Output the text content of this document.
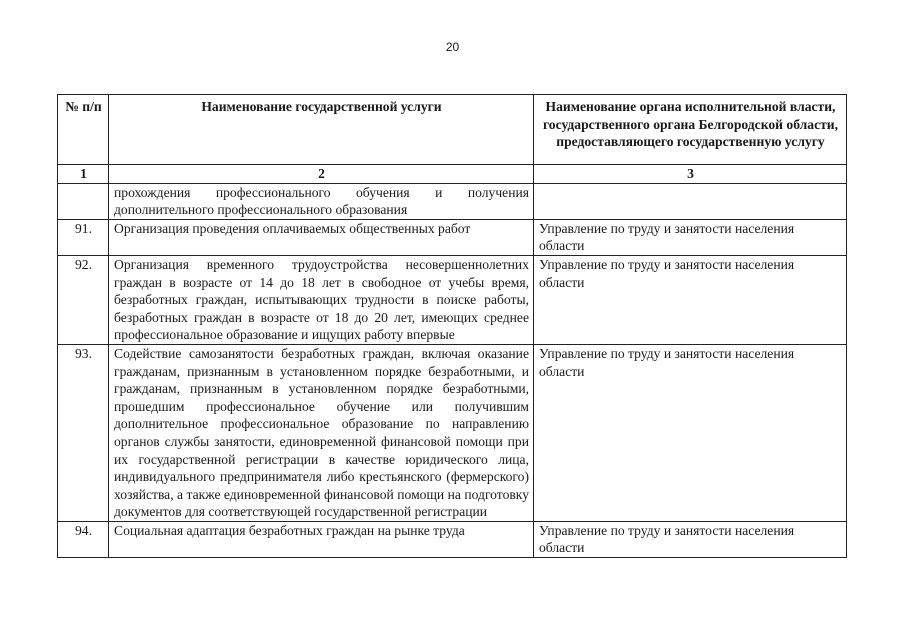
20
№ п/п	Наименование государственной услуги	Наименование органа исполнительной власти, государственного органа Белгородской области, предоставляющего государственную услугу
1	2	3
	прохождения профессионального обучения и получения дополнительного профессионального образования	
91.	Организация проведения оплачиваемых общественных работ	Управление по труду и занятости населения области
92.	Организация временного трудоустройства несовершеннолетних граждан в возрасте от 14 до 18 лет в свободное от учебы время, безработных граждан, испытывающих трудности в поиске работы, безработных граждан в возрасте от 18 до 20 лет, имеющих среднее профессиональное образование и ищущих работу впервые	Управление по труду и занятости населения области
93.	Содействие самозанятости безработных граждан, включая оказание гражданам, признанным в установленном порядке безработными, и гражданам, признанным в установленном порядке безработными, прошедшим профессиональное обучение или получившим дополнительное профессиональное образование по направлению органов службы занятости, единовременной финансовой помощи при их государственной регистрации в качестве юридического лица, индивидуального предпринимателя либо крестьянского (фермерского) хозяйства, а также единовременной финансовой помощи на подготовку документов для соответствующей государственной регистрации	Управление по труду и занятости населения области
94.	Социальная адаптация безработных граждан на рынке труда	Управление по труду и занятости населения области
